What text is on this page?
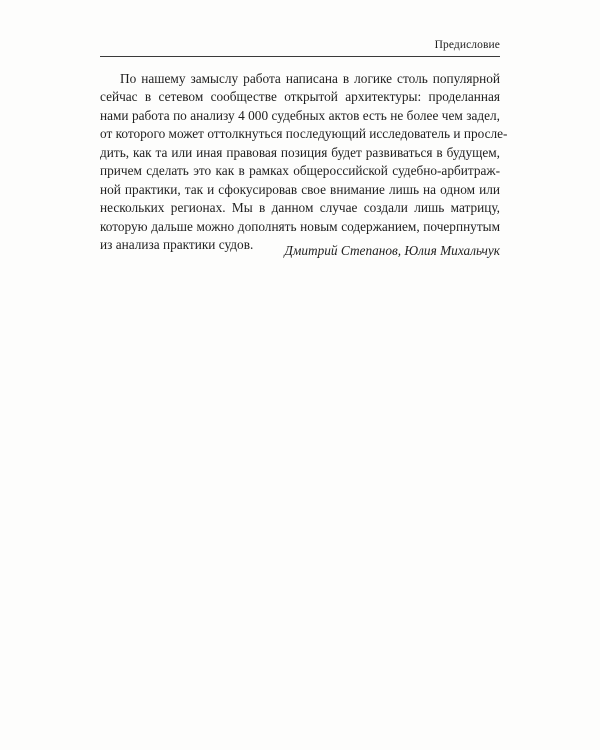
Предисловие
По нашему замыслу работа написана в логике столь популярной
сейчас в сетевом сообществе открытой архитектуры: проделанная
нами работа по анализу 4 000 судебных актов есть не более чем задел,
от которого может оттолкнуться последующий исследователь и просле-
дить, как та или иная правовая позиция будет развиваться в будущем,
причем сделать это как в рамках общероссийской судебно-арбитраж-
ной практики, так и сфокусировав свое внимание лишь на одном или
нескольких регионах. Мы в данном случае создали лишь матрицу,
которую дальше можно дополнять новым содержанием, почерпнутым
из анализа практики судов.	Дмитрий Степанов, Юлия Михальчук
